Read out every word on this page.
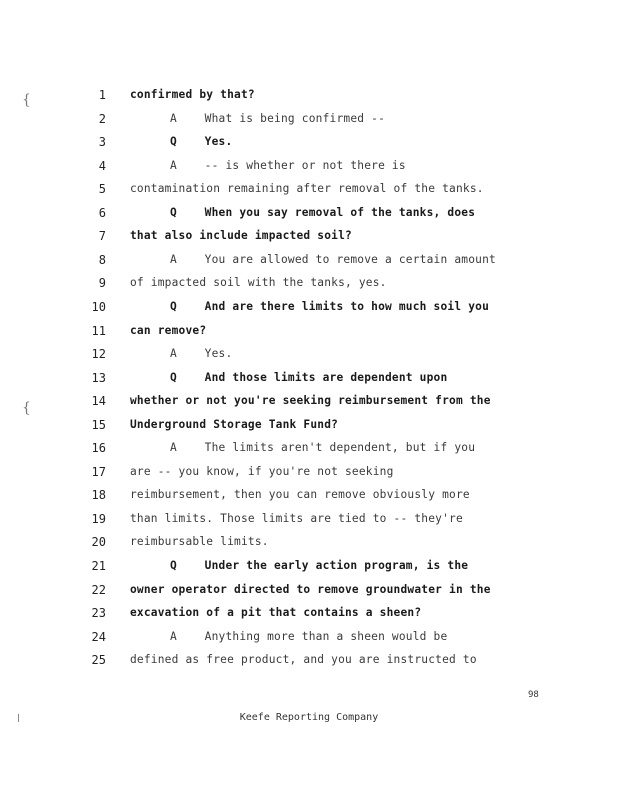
{
{
1 confirmed by that?
2	A    What is being confirmed --
3	Q    Yes.
4	A    -- is whether or not there is
5 contamination remaining after removal of the tanks.
6	Q    When you say removal of the tanks, does
7 that also include impacted soil?
8	A    You are allowed to remove a certain amount
9 of impacted soil with the tanks, yes.
10	Q    And are there limits to how much soil you
11 can remove?
12	A    Yes.
13	Q    And those limits are dependent upon
14 whether or not you're seeking reimbursement from the
15 Underground Storage Tank Fund?
16	A    The limits aren't dependent, but if you
17 are -- you know, if you're not seeking
18 reimbursement, then you can remove obviously more
19 than limits. Those limits are tied to -- they're
20 reimbursable limits.
21	Q    Under the early action program, is the
22 owner operator directed to remove groundwater in the
23 excavation of a pit that contains a sheen?
24	A    Anything more than a sheen would be
25 defined as free product, and you are instructed to
98
Keefe Reporting Company
